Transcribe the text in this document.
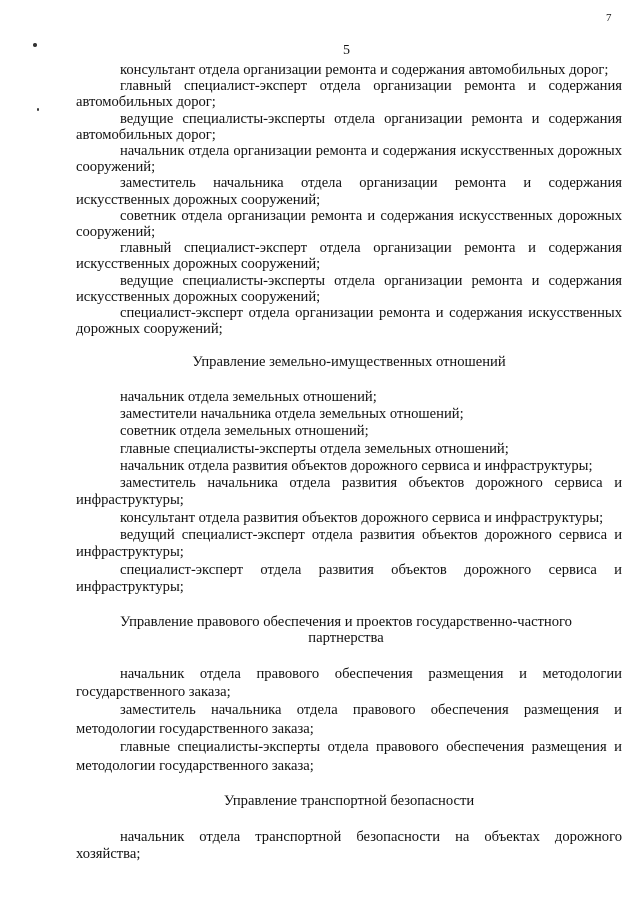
7
5

консультант отдела организации ремонта и содержания автомобильных дорог;

главный специалист-эксперт отдела организации ремонта и содержания автомобильных дорог;

ведущие специалисты-эксперты отдела организации ремонта и содержания автомобильных дорог;

начальник отдела организации ремонта и содержания искусственных дорожных сооружений;

заместитель начальника отдела организации ремонта и содержания искусственных дорожных сооружений;

советник отдела организации ремонта и содержания искусственных дорожных сооружений;

главный специалист-эксперт отдела организации ремонта и содержания искусственных дорожных сооружений;

ведущие специалисты-эксперты отдела организации ремонта и содержания искусственных дорожных сооружений;

специалист-эксперт отдела организации ремонта и содержания искусственных дорожных сооружений;

Управление земельно-имущественных отношений

начальник отдела земельных отношений;

заместители начальника отдела земельных отношений;

советник отдела земельных отношений;

главные специалисты-эксперты отдела земельных отношений;

начальник отдела развития объектов дорожного сервиса и инфраструктуры;

заместитель начальника отдела развития объектов дорожного сервиса и инфраструктуры;

консультант отдела развития объектов дорожного сервиса и инфраструктуры;

ведущий специалист-эксперт отдела развития объектов дорожного сервиса и инфраструктуры;

специалист-эксперт отдела развития объектов дорожного сервиса и инфраструктуры;

Управление правового обеспечения и проектов государственно-частного партнерства

начальник отдела правового обеспечения размещения и методологии государственного заказа;

заместитель начальника отдела правового обеспечения размещения и методологии государственного заказа;

главные специалисты-эксперты отдела правового обеспечения размещения и методологии государственного заказа;

Управление транспортной безопасности

начальник отдела транспортной безопасности на объектах дорожного хозяйства;
